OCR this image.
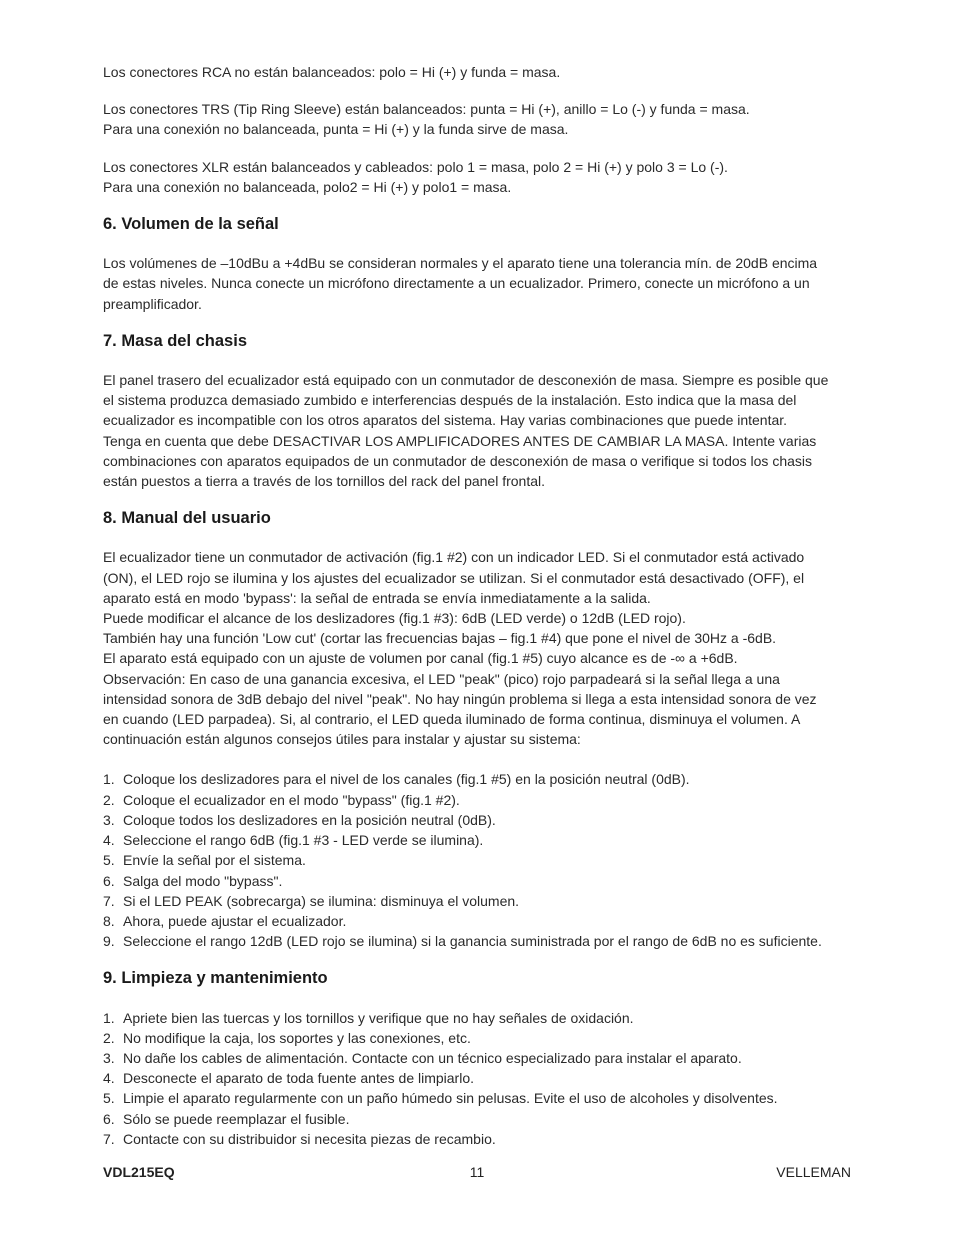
Los conectores RCA no están balanceados: polo = Hi (+) y funda = masa.

Los conectores TRS (Tip Ring Sleeve) están balanceados: punta = Hi (+), anillo = Lo (-) y funda = masa.

Para una conexión no balanceada, punta = Hi (+) y la funda sirve de masa.

Los conectores XLR están balanceados y cableados: polo 1 = masa, polo 2 = Hi (+) y polo 3 = Lo (-).

Para una conexión no balanceada, polo2 = Hi (+) y polo1 = masa.

6. Volumen de la señal

Los volúmenes de –10dBu a +4dBu se consideran normales y el aparato tiene una tolerancia mín. de 20dB encima

de estas niveles. Nunca conecte un micrófono directamente a un ecualizador. Primero, conecte un micrófono a un

preamplificador.

7. Masa del chasis

El panel trasero del ecualizador está equipado con un conmutador de desconexión de masa. Siempre es posible que

el sistema produzca demasiado zumbido e interferencias después de la instalación. Esto indica que la masa del

ecualizador es incompatible con los otros aparatos del sistema. Hay varias combinaciones que puede intentar.

Tenga en cuenta que debe DESACTIVAR LOS AMPLIFICADORES ANTES DE CAMBIAR LA MASA. Intente varias

combinaciones con aparatos equipados de un conmutador de desconexión de masa o verifique si todos los chasis

están puestos a tierra a través de los tornillos del rack del panel frontal.

8. Manual del usuario

El ecualizador tiene un conmutador de activación (fig.1 #2) con un indicador LED. Si el conmutador está activado

(ON), el LED rojo se ilumina y los ajustes del ecualizador se utilizan. Si el conmutador está desactivado (OFF), el

aparato está en modo 'bypass': la señal de entrada se envía inmediatamente a la salida.

Puede modificar el alcance de los deslizadores (fig.1 #3): 6dB (LED verde) o 12dB (LED rojo).

También hay una función 'Low cut' (cortar las frecuencias bajas – fig.1 #4) que pone el nivel de 30Hz a -6dB.

El aparato está equipado con un ajuste de volumen por canal (fig.1 #5) cuyo alcance es de -∞ a +6dB.

Observación: En caso de una ganancia excesiva, el LED "peak" (pico) rojo parpadeará si la señal llega a una

intensidad sonora de 3dB debajo del nivel "peak". No hay ningún problema si llega a esta intensidad sonora de vez

en cuando (LED parpadea). Si, al contrario, el LED queda iluminado de forma continua, disminuya el volumen. A

continuación están algunos consejos útiles para instalar y ajustar su sistema:

1. Coloque los deslizadores para el nivel de los canales (fig.1 #5) en la posición neutral (0dB).
2. Coloque el ecualizador en el modo "bypass" (fig.1 #2).
3. Coloque todos los deslizadores en la posición neutral (0dB).
4. Seleccione el rango 6dB (fig.1 #3 - LED verde se ilumina).
5. Envíe la señal por el sistema.
6. Salga del modo "bypass".
7. Si el LED PEAK (sobrecarga) se ilumina: disminuya el volumen.
8. Ahora, puede ajustar el ecualizador.
9. Seleccione el rango 12dB (LED rojo se ilumina) si la ganancia suministrada por el rango de 6dB no es suficiente.
9. Limpieza y mantenimiento
1. Apriete bien las tuercas y los tornillos y verifique que no hay señales de oxidación.
2. No modifique la caja, los soportes y las conexiones, etc.
3. No dañe los cables de alimentación. Contacte con un técnico especializado para instalar el aparato.
4. Desconecte el aparato de toda fuente antes de limpiarlo.
5. Limpie el aparato regularmente con un paño húmedo sin pelusas. Evite el uso de alcoholes y disolventes.
6. Sólo se puede reemplazar el fusible.
7. Contacte con su distribuidor si necesita piezas de recambio.
VDL215EQ	11	VELLEMAN
